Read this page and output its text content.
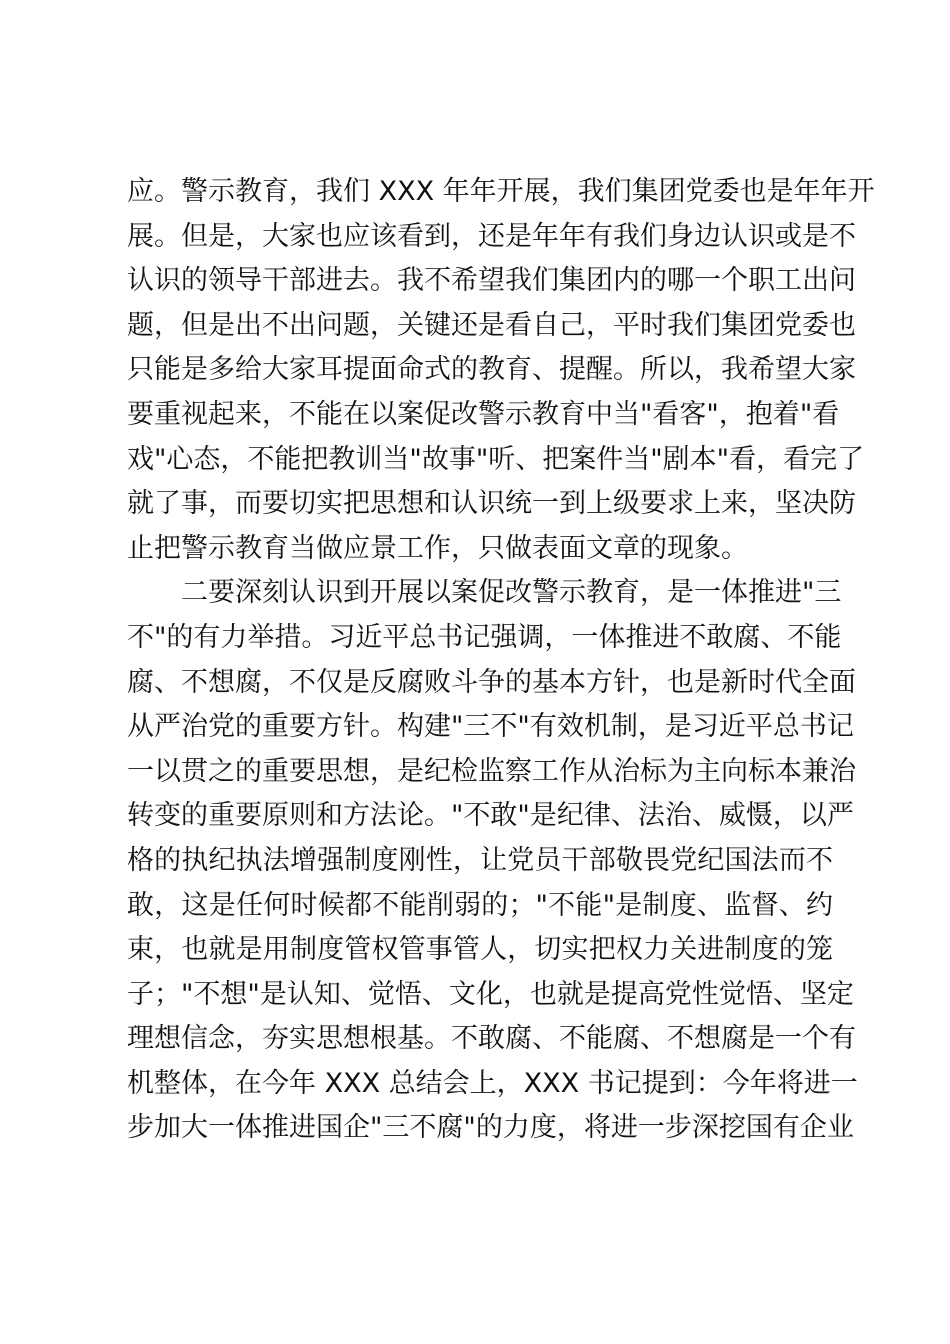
应。警示教育，我们 XXX 年年开展，我们集团党委也是年年开
展。但是，大家也应该看到，还是年年有我们身边认识或是不
认识的领导干部进去。我不希望我们集团内的哪一个职工出问
题，但是出不出问题，关键还是看自己，平时我们集团党委也
只能是多给大家耳提面命式的教育、提醒。所以，我希望大家
要重视起来，不能在以案促改警示教育中当"看客"，抱着"看
戏"心态，不能把教训当"故事"听、把案件当"剧本"看，看完了
就了事，而要切实把思想和认识统一到上级要求上来，坚决防
止把警示教育当做应景工作，只做表面文章的现象。
　　二要深刻认识到开展以案促改警示教育，是一体推进"三
不"的有力举措。习近平总书记强调，一体推进不敢腐、不能
腐、不想腐，不仅是反腐败斗争的基本方针，也是新时代全面
从严治党的重要方针。构建"三不"有效机制，是习近平总书记
一以贯之的重要思想，是纪检监察工作从治标为主向标本兼治
转变的重要原则和方法论。"不敢"是纪律、法治、威慑，以严
格的执纪执法增强制度刚性，让党员干部敬畏党纪国法而不
敢，这是任何时候都不能削弱的；"不能"是制度、监督、约
束，也就是用制度管权管事管人，切实把权力关进制度的笼
子；"不想"是认知、觉悟、文化，也就是提高党性觉悟、坚定
理想信念，夯实思想根基。不敢腐、不能腐、不想腐是一个有
机整体，在今年 XXX 总结会上，XXX 书记提到：今年将进一
步加大一体推进国企"三不腐"的力度，将进一步深挖国有企业
